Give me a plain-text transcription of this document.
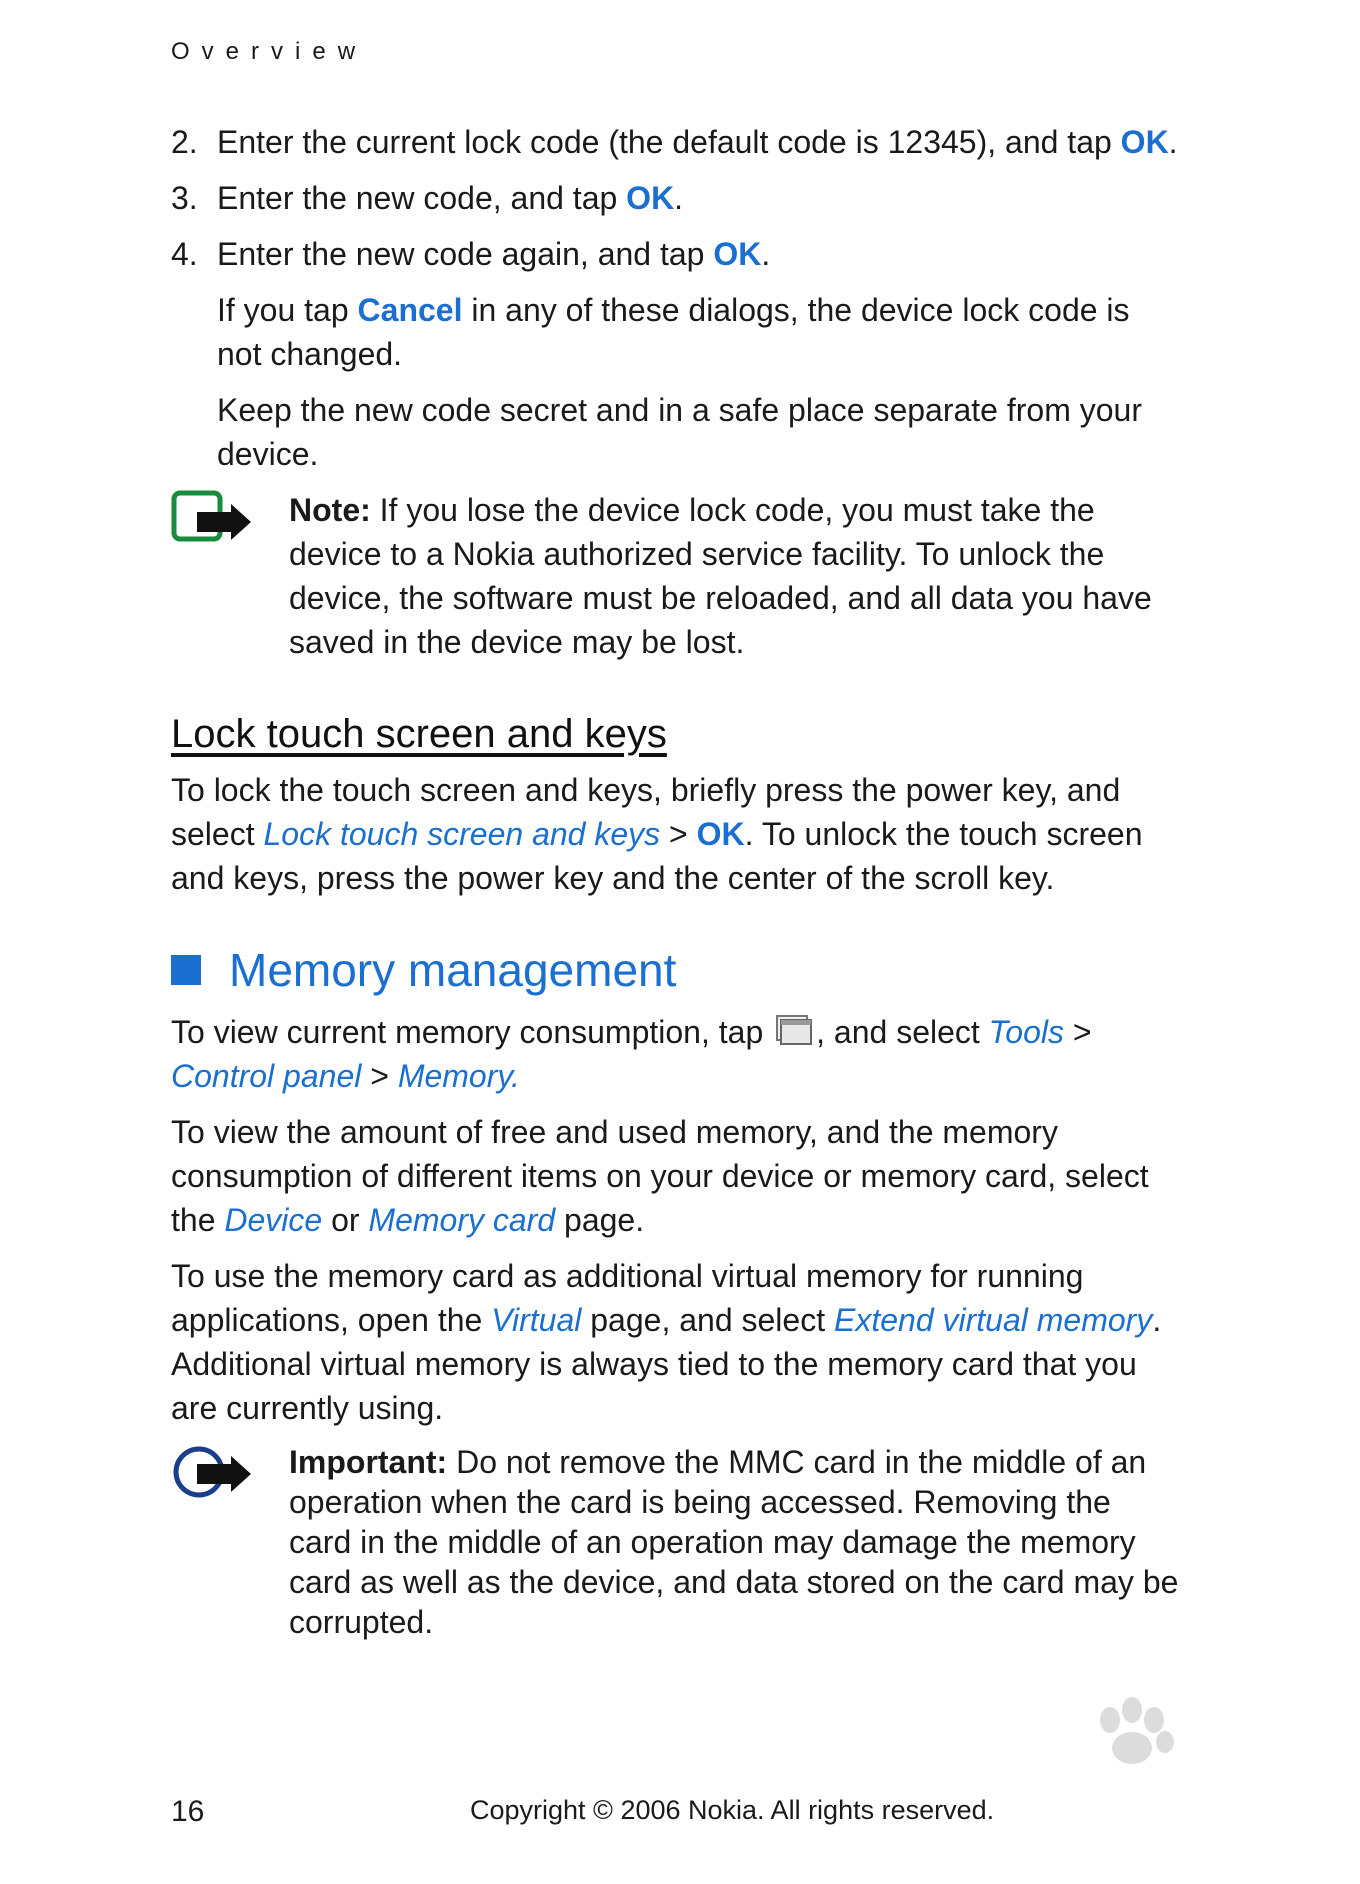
Overview
2. Enter the current lock code (the default code is 12345), and tap OK.
3. Enter the new code, and tap OK.
4. Enter the new code again, and tap OK.
If you tap Cancel in any of these dialogs, the device lock code is not changed.
Keep the new code secret and in a safe place separate from your device.
Note: If you lose the device lock code, you must take the device to a Nokia authorized service facility. To unlock the device, the software must be reloaded, and all data you have saved in the device may be lost.
Lock touch screen and keys
To lock the touch screen and keys, briefly press the power key, and select Lock touch screen and keys > OK. To unlock the touch screen and keys, press the power key and the center of the scroll key.
Memory management
To view current memory consumption, tap , and select Tools > Control panel > Memory.
To view the amount of free and used memory, and the memory consumption of different items on your device or memory card, select the Device or Memory card page.
To use the memory card as additional virtual memory for running applications, open the Virtual page, and select Extend virtual memory. Additional virtual memory is always tied to the memory card that you are currently using.
Important: Do not remove the MMC card in the middle of an operation when the card is being accessed. Removing the card in the middle of an operation may damage the memory card as well as the device, and data stored on the card may be corrupted.
16	Copyright © 2006 Nokia. All rights reserved.
